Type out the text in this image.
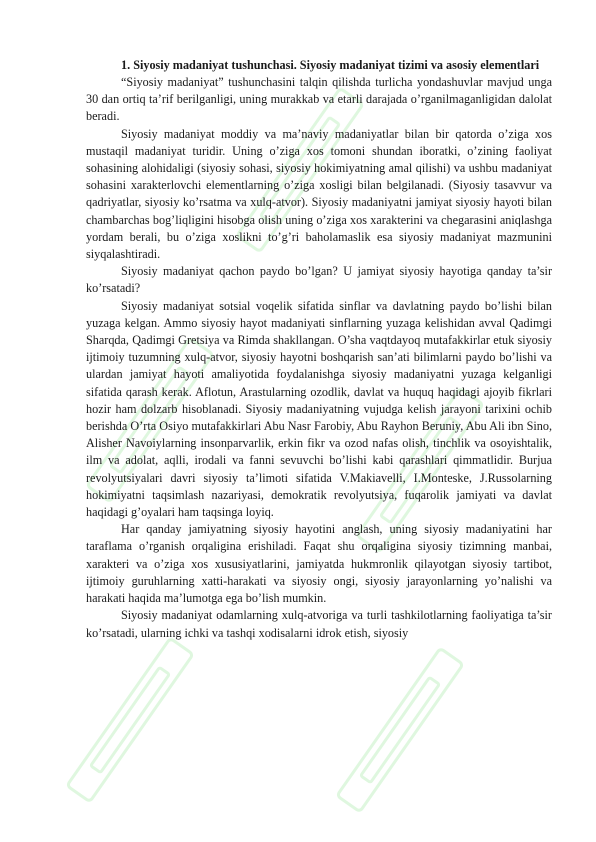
1. Siyosiy madaniyat tushunchasi. Siyosiy madaniyat tizimi va asosiy elementlari

“Siyosiy madaniyat” tushunchasini talqin qilishda turlicha yondashuvlar mavjud unga 30 dan ortiq ta’rif berilganligi, uning murakkab va etarli darajada o’rganilmaganligidan dalolat beradi.

Siyosiy madaniyat moddiy va ma’naviy madaniyatlar bilan bir qatorda o’ziga xos mustaqil madaniyat turidir. Uning o’ziga xos tomoni shundan iboratki, o’zining faoliyat sohasining alohidaligi (siyosiy sohasi, siyosiy hokimiyatning amal qilishi) va ushbu madaniyat sohasini xarakterlovchi elementlarning o’ziga xosligi bilan belgilanadi. (Siyosiy tasavvur va qadriyatlar, siyosiy ko’rsatma va xulq-atvor). Siyosiy madaniyatni jamiyat siyosiy hayoti bilan chambarchas bog’liqligini hisobga olish uning o’ziga xos xarakterini va chegarasini aniqlashga yordam berali, bu o’ziga xoslikni to’g’ri baholamaslik esa siyosiy madaniyat mazmunini siyqalashtiradi.

Siyosiy madaniyat qachon paydo bo’lgan? U jamiyat siyosiy hayotiga qanday ta’sir ko’rsatadi?

Siyosiy madaniyat sotsial voqelik sifatida sinflar va davlatning paydo bo’lishi bilan yuzaga kelgan. Ammo siyosiy hayot madaniyati sinflarning yuzaga kelishidan avval Qadimgi Sharqda, Qadimgi Gretsiya va Rimda shakllangan. O’sha vaqtdayoq mutafakkirlar etuk siyosiy ijtimoiy tuzumning xulq-atvor, siyosiy hayotni boshqarish san’ati bilimlarni paydo bo’lishi va ulardan jamiyat hayoti amaliyotida foydalanishga siyosiy madaniyatni yuzaga kelganligi sifatida qarash kerak. Aflotun, Arastularning ozodlik, davlat va huquq haqidagi ajoyib fikrlari hozir ham dolzarb hisoblanadi. Siyosiy madaniyatning vujudga kelish jarayoni tarixini ochib berishda O’rta Osiyo mutafakkirlari Abu Nasr Farobiy, Abu Rayhon Beruniy, Abu Ali ibn Sino, Alisher Navoiylarning insonparvarlik, erkin fikr va ozod nafas olish, tinchlik va osoyishtalik, ilm va adolat, aqlli, irodali va fanni sevuvchi bo’lishi kabi qarashlari qimmatlidir. Burjua revolyutsiyalari davri siyosiy ta’limoti sifatida V.Makiavelli, I.Monteske, J.Russolarning hokimiyatni taqsimlash nazariyasi, demokratik revolyutsiya, fuqarolik jamiyati va davlat haqidagi g’oyalari ham taqsinga loyiq.

Har qanday jamiyatning siyosiy hayotini anglash, uning siyosiy madaniyatini har taraflama o’rganish orqaligina erishiladi. Faqat shu orqaligina siyosiy tizimning manbai, xarakteri va o’ziga xos xususiyatlarini, jamiyatda hukmronlik qilayotgan siyosiy tartibot, ijtimoiy guruhlarning xatti-harakati va siyosiy ongi, siyosiy jarayonlarning yo’nalishi va harakati haqida ma’lumotga ega bo’lish mumkin.

Siyosiy madaniyat odamlarning xulq-atvoriga va turli tashkilotlarning faoliyatiga ta’sir ko’rsatadi, ularning ichki va tashqi xodisalarni idrok etish, siyosiy
